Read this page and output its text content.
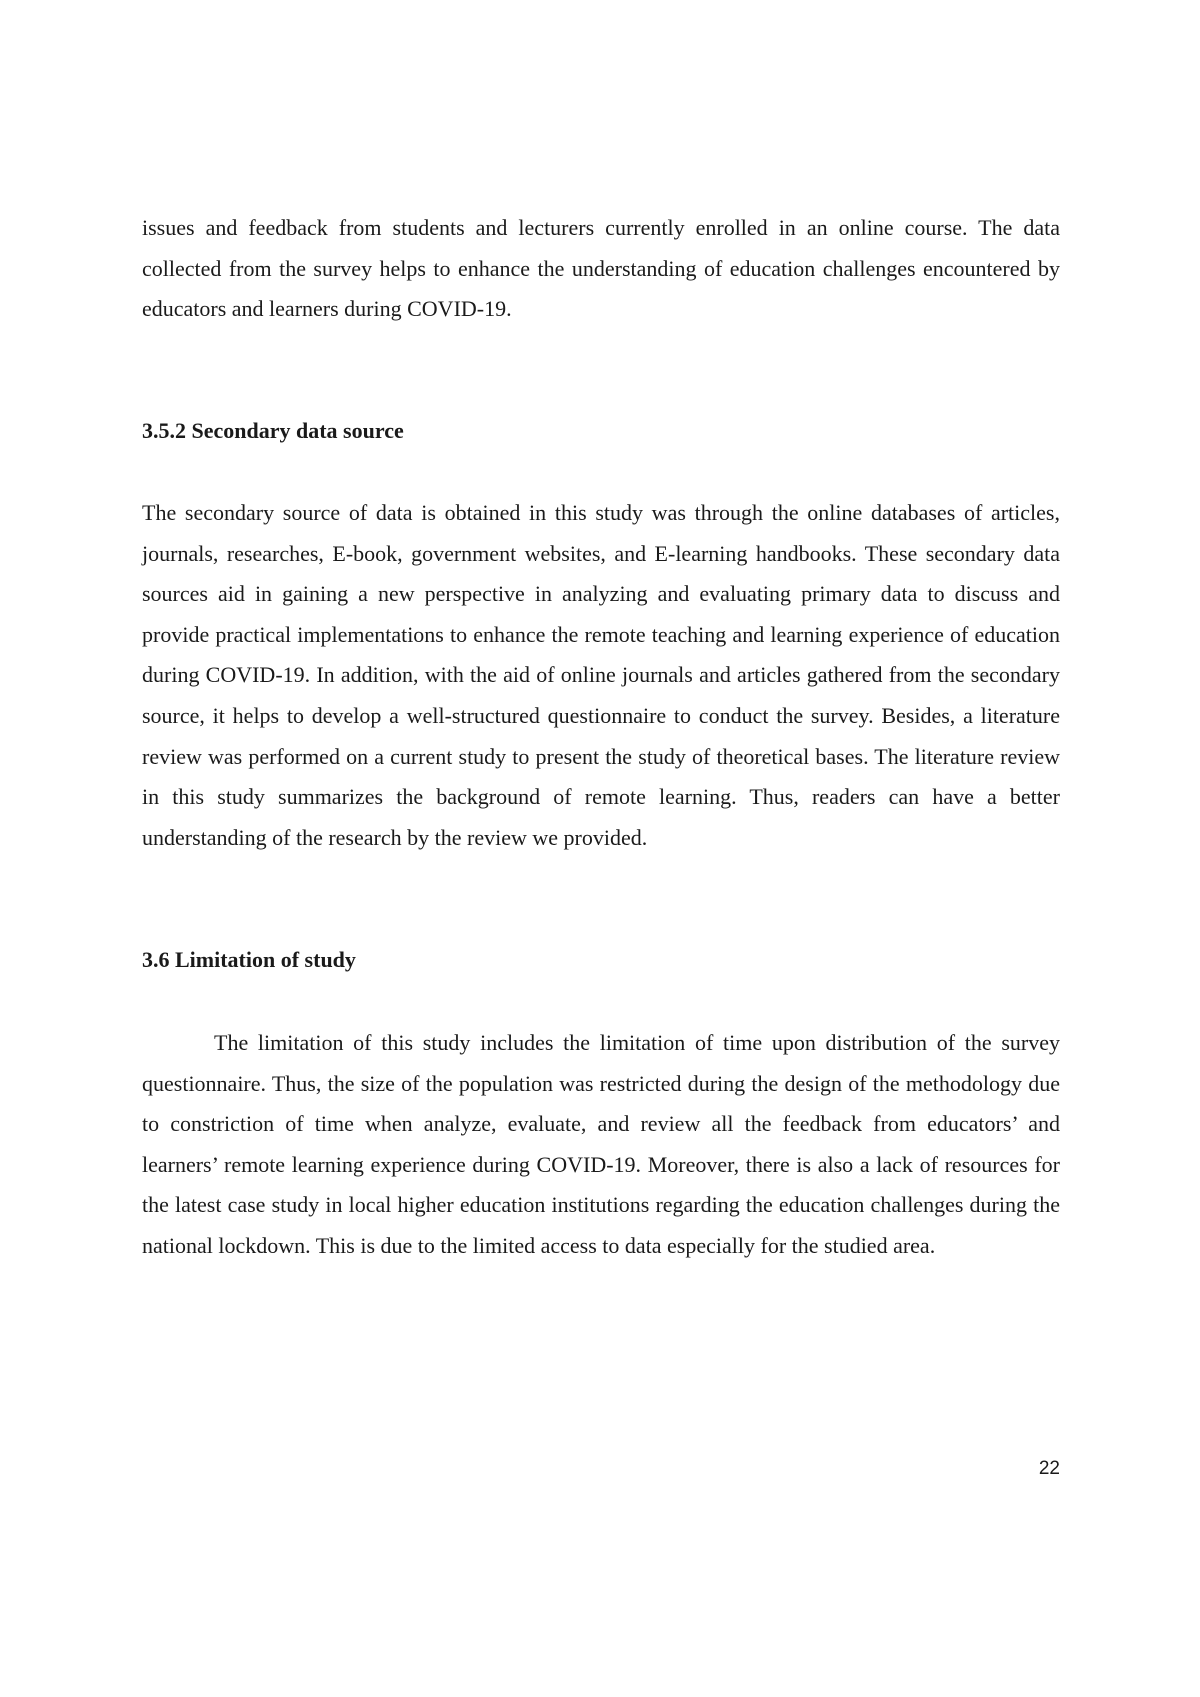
issues and feedback from students and lecturers currently enrolled in an online course. The data collected from the survey helps to enhance the understanding of education challenges encountered by educators and learners during COVID-19.

3.5.2 Secondary data source

The secondary source of data is obtained in this study was through the online databases of articles, journals, researches, E-book, government websites, and E-learning handbooks. These secondary data sources aid in gaining a new perspective in analyzing and evaluating primary data to discuss and provide practical implementations to enhance the remote teaching and learning experience of education during COVID-19. In addition, with the aid of online journals and articles gathered from the secondary source, it helps to develop a well-structured questionnaire to conduct the survey. Besides, a literature review was performed on a current study to present the study of theoretical bases. The literature review in this study summarizes the background of remote learning. Thus, readers can have a better understanding of the research by the review we provided.

3.6 Limitation of study

The limitation of this study includes the limitation of time upon distribution of the survey questionnaire. Thus, the size of the population was restricted during the design of the methodology due to constriction of time when analyze, evaluate, and review all the feedback from educators’ and learners’ remote learning experience during COVID-19. Moreover, there is also a lack of resources for the latest case study in local higher education institutions regarding the education challenges during the national lockdown. This is due to the limited access to data especially for the studied area.

22
